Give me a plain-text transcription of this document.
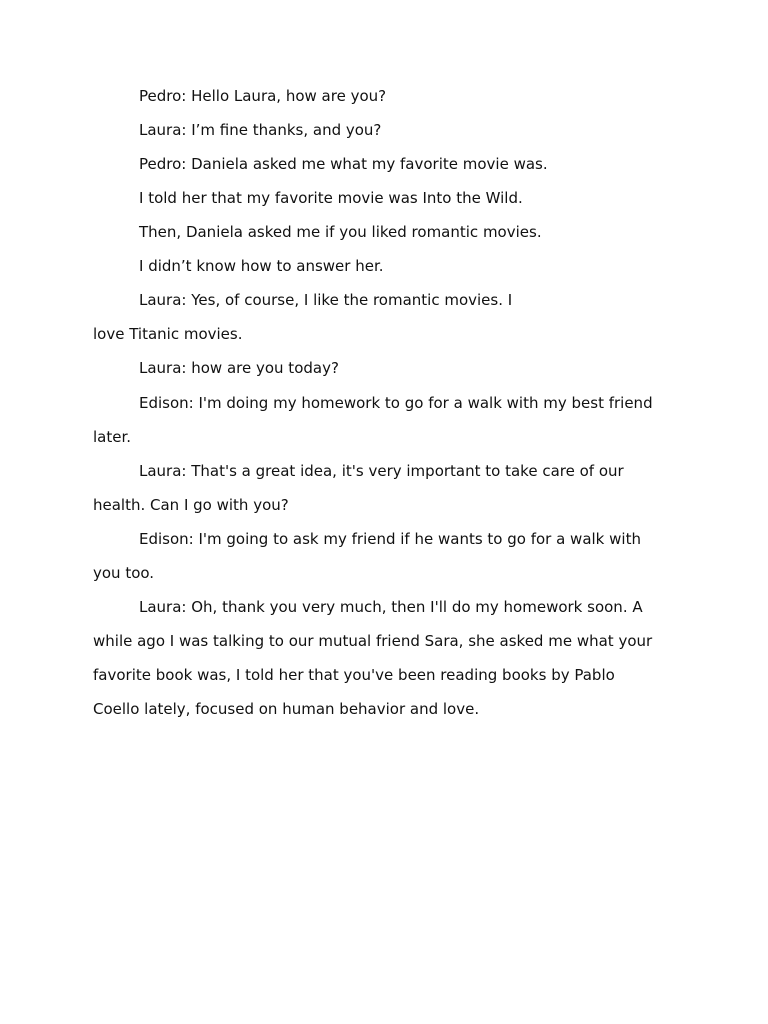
Pedro: Hello Laura, how are you?
Laura: I’m fine thanks, and you?
Pedro: Daniela asked me what my favorite movie was.
I told her that my favorite movie was Into the Wild.
Then, Daniela asked me if you liked romantic movies.
I didn’t know how to answer her.
Laura: Yes, of course, I like the romantic movies. I
love Titanic movies.
Laura: how are you today?
Edison: I'm doing my homework to go for a walk with my best friend
later.
Laura: That's a great idea, it's very important to take care of our
health. Can I go with you?
Edison: I'm going to ask my friend if he wants to go for a walk with
you too.
Laura: Oh, thank you very much, then I'll do my homework soon. A
while ago I was talking to our mutual friend Sara, she asked me what your
favorite book was, I told her that you've been reading books by Pablo
Coello lately, focused on human behavior and love.
